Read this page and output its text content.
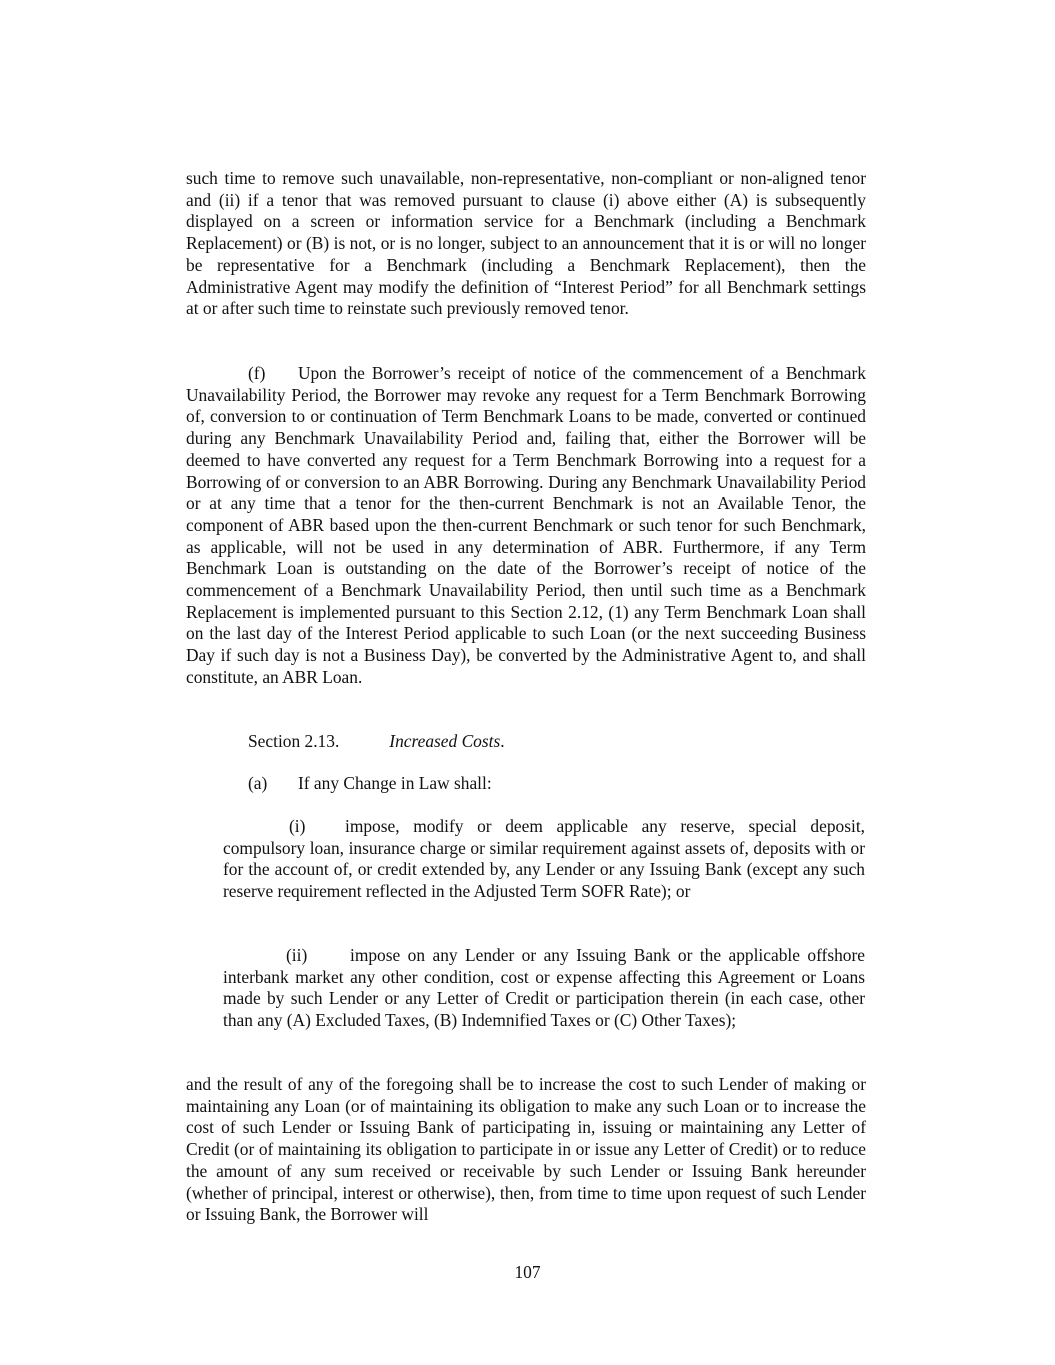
such time to remove such unavailable, non-representative, non-compliant or non-aligned tenor and (ii) if a tenor that was removed pursuant to clause (i) above either (A) is subsequently displayed on a screen or information service for a Benchmark (including a Benchmark Replacement) or (B) is not, or is no longer, subject to an announcement that it is or will no longer be representative for a Benchmark (including a Benchmark Replacement), then the Administrative Agent may modify the definition of “Interest Period” for all Benchmark settings at or after such time to reinstate such previously removed tenor.

(f) Upon the Borrower’s receipt of notice of the commencement of a Benchmark Unavailability Period, the Borrower may revoke any request for a Term Benchmark Borrowing of, conversion to or continuation of Term Benchmark Loans to be made, converted or continued during any Benchmark Unavailability Period and, failing that, either the Borrower will be deemed to have converted any request for a Term Benchmark Borrowing into a request for a Borrowing of or conversion to an ABR Borrowing. During any Benchmark Unavailability Period or at any time that a tenor for the then-current Benchmark is not an Available Tenor, the component of ABR based upon the then-current Benchmark or such tenor for such Benchmark, as applicable, will not be used in any determination of ABR. Furthermore, if any Term Benchmark Loan is outstanding on the date of the Borrower’s receipt of notice of the commencement of a Benchmark Unavailability Period, then until such time as a Benchmark Replacement is implemented pursuant to this Section 2.12, (1) any Term Benchmark Loan shall on the last day of the Interest Period applicable to such Loan (or the next succeeding Business Day if such day is not a Business Day), be converted by the Administrative Agent to, and shall constitute, an ABR Loan.

Section 2.13.	Increased Costs.

(a) If any Change in Law shall:

(i) impose, modify or deem applicable any reserve, special deposit, compulsory loan, insurance charge or similar requirement against assets of, deposits with or for the account of, or credit extended by, any Lender or any Issuing Bank (except any such reserve requirement reflected in the Adjusted Term SOFR Rate); or

(ii) impose on any Lender or any Issuing Bank or the applicable offshore interbank market any other condition, cost or expense affecting this Agreement or Loans made by such Lender or any Letter of Credit or participation therein (in each case, other than any (A) Excluded Taxes, (B) Indemnified Taxes or (C) Other Taxes);

and the result of any of the foregoing shall be to increase the cost to such Lender of making or maintaining any Loan (or of maintaining its obligation to make any such Loan or to increase the cost of such Lender or Issuing Bank of participating in, issuing or maintaining any Letter of Credit (or of maintaining its obligation to participate in or issue any Letter of Credit) or to reduce the amount of any sum received or receivable by such Lender or Issuing Bank hereunder (whether of principal, interest or otherwise), then, from time to time upon request of such Lender or Issuing Bank, the Borrower will

107
